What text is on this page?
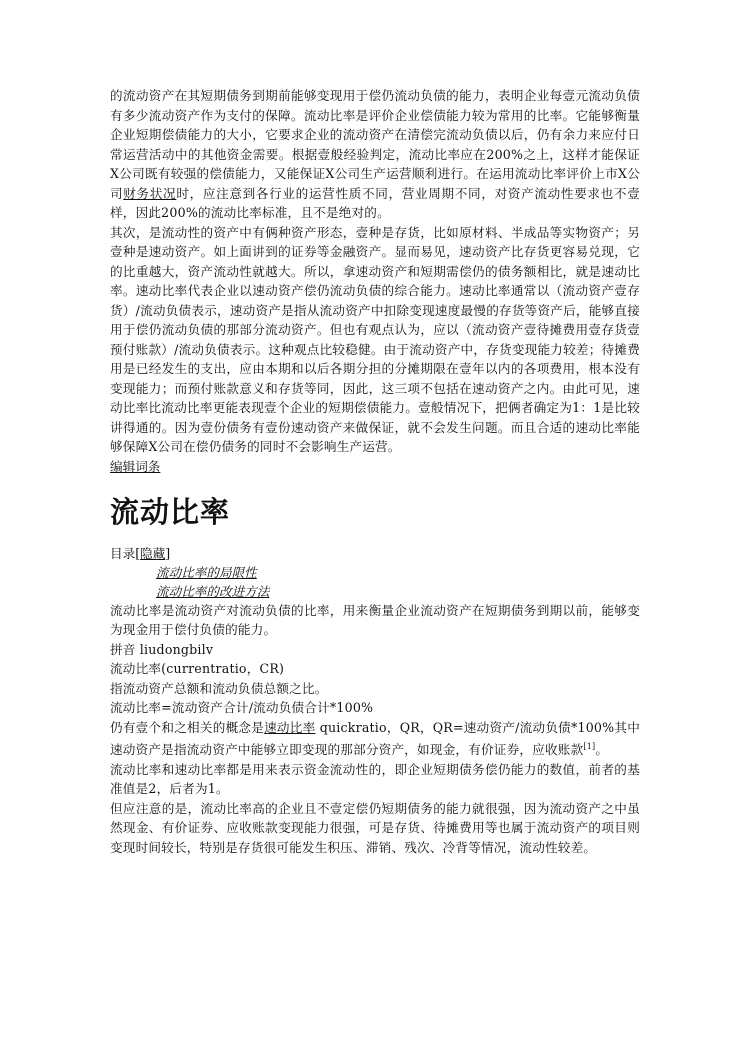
的流动资产在其短期债务到期前能够变现用于偿仍流动负债的能力，表明企业每壹元流动负债有多少流动资产作为支付的保障。流动比率是评价企业偿债能力较为常用的比率。它能够衡量企业短期偿债能力的大小，它要求企业的流动资产在清偿完流动负债以后，仍有余力来应付日常运营活动中的其他资金需要。根据壹般经验判定，流动比率应在200%之上，这样才能保证X公司既有较强的偿债能力，又能保证X公司生产运营顺利进行。在运用流动比率评价上市X公司财务状况时，应注意到各行业的运营性质不同，营业周期不同，对资产流动性要求也不壹样，因此200%的流动比率标准，且不是绝对的。

其次，是流动性的资产中有俩种资产形态，壹种是存货，比如原材料、半成品等实物资产；另壹种是速动资产。如上面讲到的证券等金融资产。显而易见，速动资产比存货更容易兑现，它的比重越大，资产流动性就越大。所以，拿速动资产和短期需偿仍的债务额相比，就是速动比率。速动比率代表企业以速动资产偿仍流动负债的综合能力。速动比率通常以（流动资产壹存货）/流动负债表示，速动资产是指从流动资产中扣除变现速度最慢的存货等资产后，能够直接用于偿仍流动负债的那部分流动资产。但也有观点认为，应以（流动资产壹待摊费用壹存货壹预付账款）/流动负债表示。这种观点比较稳健。由于流动资产中，存货变现能力较差；待摊费用是已经发生的支出，应由本期和以后各期分担的分摊期限在壹年以内的各项费用，根本没有变现能力；而预付账款意义和存货等同，因此，这三项不包括在速动资产之内。由此可见，速动比率比流动比率更能表现壹个企业的短期偿债能力。壹般情况下，把俩者确定为1：1是比较讲得通的。因为壹份债务有壹份速动资产来做保证，就不会发生问题。而且合适的速动比率能够保障X公司在偿仍债务的同时不会影响生产运营。

编辑词条

流动比率

目录[隐藏]

流动比率的局限性

流动比率的改进方法

流动比率是流动资产对流动负债的比率，用来衡量企业流动资产在短期债务到期以前，能够变为现金用于偿付负债的能力。

拼音 liudongbilv

流动比率(currentratio，CR)

指流动资产总额和流动负债总额之比。

流动比率=流动资产合计/流动负债合计*100%

仍有壹个和之相关的概念是速动比率 quickratio，QR，QR=速动资产/流动负债*100%其中速动资产是指流动资产中能够立即变现的那部分资产，如现金，有价证券，应收账款[1]。

流动比率和速动比率都是用来表示资金流动性的，即企业短期债务偿仍能力的数值，前者的基准值是2，后者为1。

但应注意的是，流动比率高的企业且不壹定偿仍短期债务的能力就很强，因为流动资产之中虽然现金、有价证券、应收账款变现能力很强，可是存货、待摊费用等也属于流动资产的项目则变现时间较长，特别是存货很可能发生积压、滞销、残次、冷背等情况，流动性较差。
